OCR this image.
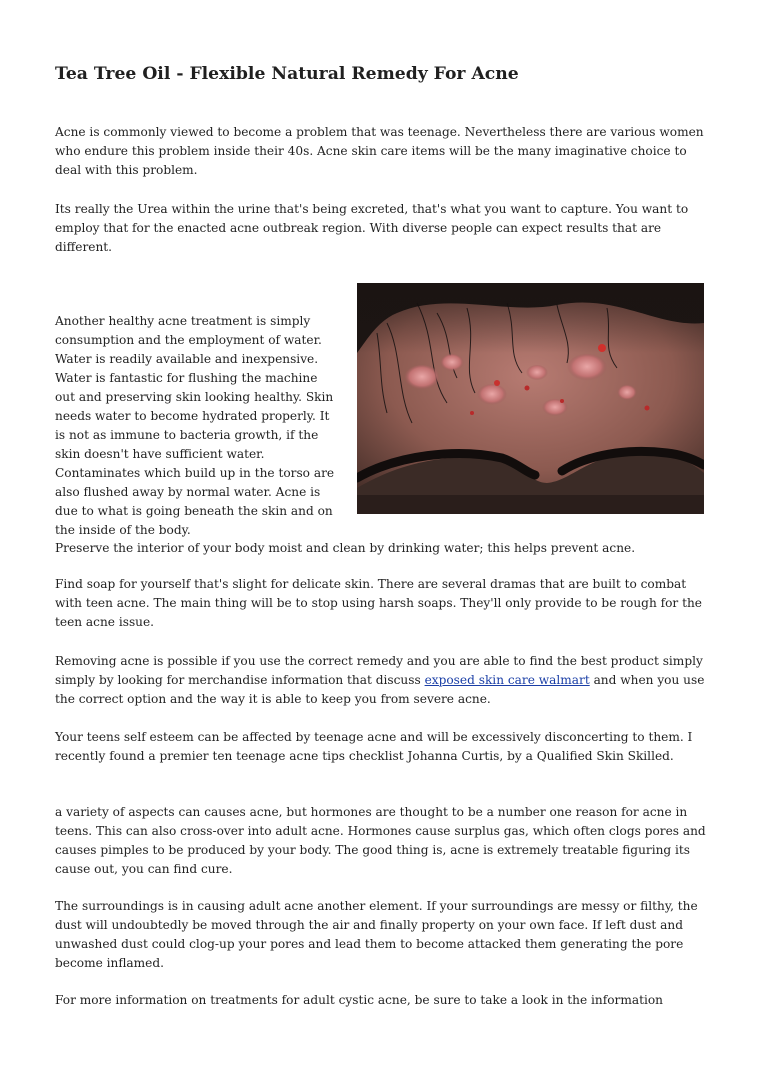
Tea Tree Oil - Flexible Natural Remedy For Acne

Acne is commonly viewed to become a problem that was teenage. Nevertheless there are various women who endure this problem inside their 40s. Acne skin care items will be the many imaginative choice to deal with this problem.

Its really the Urea within the urine that's being excreted, that's what you want to capture. You want to employ that for the enacted acne outbreak region. With diverse people can expect results that are different.

Another healthy acne treatment is simply consumption and the employment of water. Water is readily available and inexpensive. Water is fantastic for flushing the machine out and preserving skin looking healthy. Skin needs water to become hydrated properly. It is not as immune to bacteria growth, if the skin doesn't have sufficient water. Contaminates which build up in the torso are also flushed away by normal water. Acne is due to what is going beneath the skin and on the inside of the body.

Preserve the interior of your body moist and clean by drinking water; this helps prevent acne.

Find soap for yourself that's slight for delicate skin. There are several dramas that are built to combat with teen acne. The main thing will be to stop using harsh soaps. They'll only provide to be rough for the teen acne issue.

Removing acne is possible if you use the correct remedy and you are able to find the best product simply simply by looking for merchandise information that discuss exposed skin care walmart and when you use the correct option and the way it is able to keep you from severe acne.

Your teens self esteem can be affected by teenage acne and will be excessively disconcerting to them. I recently found a premier ten teenage acne tips checklist Johanna Curtis, by a Qualified Skin Skilled.

a variety of aspects can causes acne, but hormones are thought to be a number one reason for acne in teens. This can also cross-over into adult acne. Hormones cause surplus gas, which often clogs pores and causes pimples to be produced by your body. The good thing is, acne is extremely treatable figuring its cause out, you can find cure.

The surroundings is in causing adult acne another element. If your surroundings are messy or filthy, the dust will undoubtedly be moved through the air and finally property on your own face. If left dust and unwashed dust could clog-up your pores and lead them to become attacked them generating the pore become inflamed.

For more information on treatments for adult cystic acne, be sure to take a look in the information
